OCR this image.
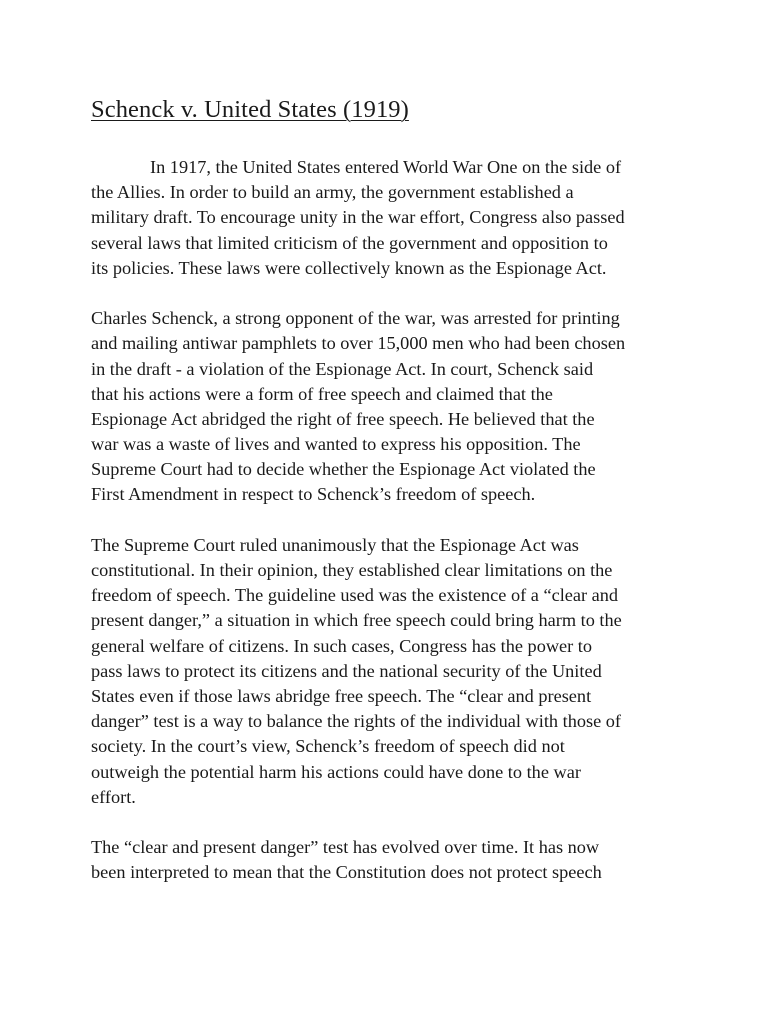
Schenck v. United States (1919)
In 1917, the United States entered World War One on the side of
the Allies. In order to build an army, the government established a
military draft. To encourage unity in the war effort, Congress also passed
several laws that limited criticism of the government and opposition to
its policies. These laws were collectively known as the Espionage Act.
Charles Schenck, a strong opponent of the war, was arrested for printing
and mailing antiwar pamphlets to over 15,000 men who had been chosen
in the draft - a violation of the Espionage Act. In court, Schenck said
that his actions were a form of free speech and claimed that the
Espionage Act abridged the right of free speech. He believed that the
war was a waste of lives and wanted to express his opposition. The
Supreme Court had to decide whether the Espionage Act violated the
First Amendment in respect to Schenck’s freedom of speech.
The Supreme Court ruled unanimously that the Espionage Act was
constitutional. In their opinion, they established clear limitations on the
freedom of speech. The guideline used was the existence of a “clear and
present danger,” a situation in which free speech could bring harm to the
general welfare of citizens. In such cases, Congress has the power to
pass laws to protect its citizens and the national security of the United
States even if those laws abridge free speech. The “clear and present
danger” test is a way to balance the rights of the individual with those of
society. In the court’s view, Schenck’s freedom of speech did not
outweigh the potential harm his actions could have done to the war
effort.
The “clear and present danger” test has evolved over time. It has now
been interpreted to mean that the Constitution does not protect speech
